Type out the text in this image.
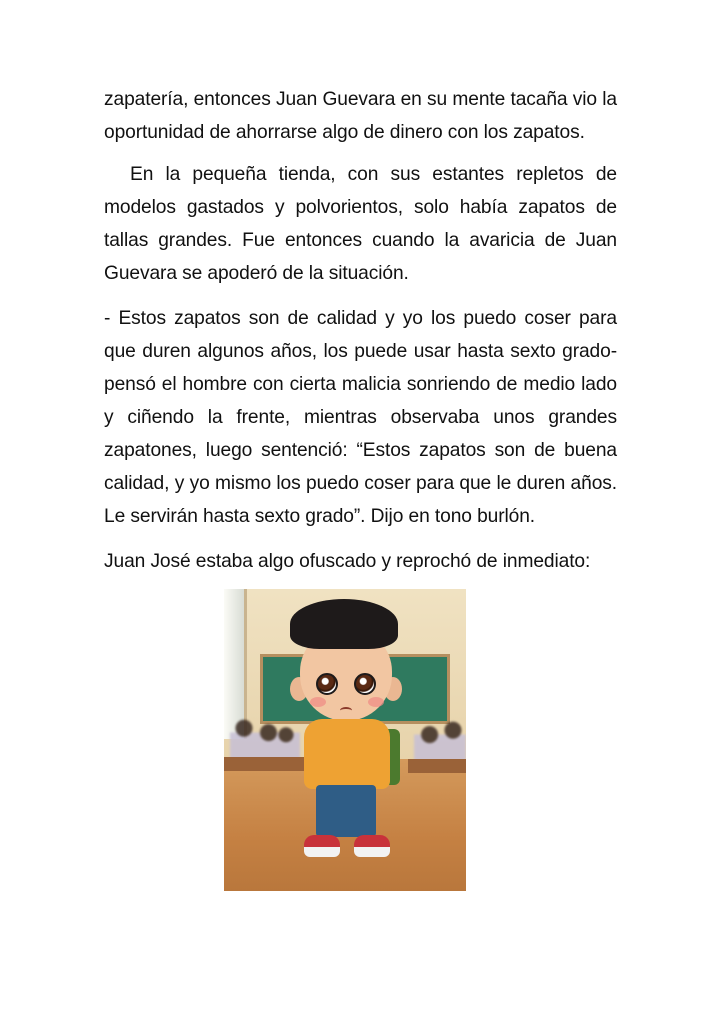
zapatería, entonces Juan Guevara en su mente tacaña vio la oportunidad de ahorrarse algo de dinero con los zapatos.

En la pequeña tienda, con sus estantes repletos de modelos gastados y polvorientos, solo había zapatos de tallas grandes. Fue entonces cuando la avaricia de Juan Guevara se apoderó de la situación.

- Estos zapatos son de calidad y yo los puedo coser para que duren algunos años, los puede usar hasta sexto grado- pensó el hombre con cierta malicia sonriendo de medio lado y ciñendo la frente, mientras observaba unos grandes zapatones, luego sentenció: “Estos zapatos son de buena calidad, y yo mismo los puedo coser para que le duren años. Le servirán hasta sexto grado”. Dijo en tono burlón.

Juan José estaba algo ofuscado y reprochó de inmediato:
